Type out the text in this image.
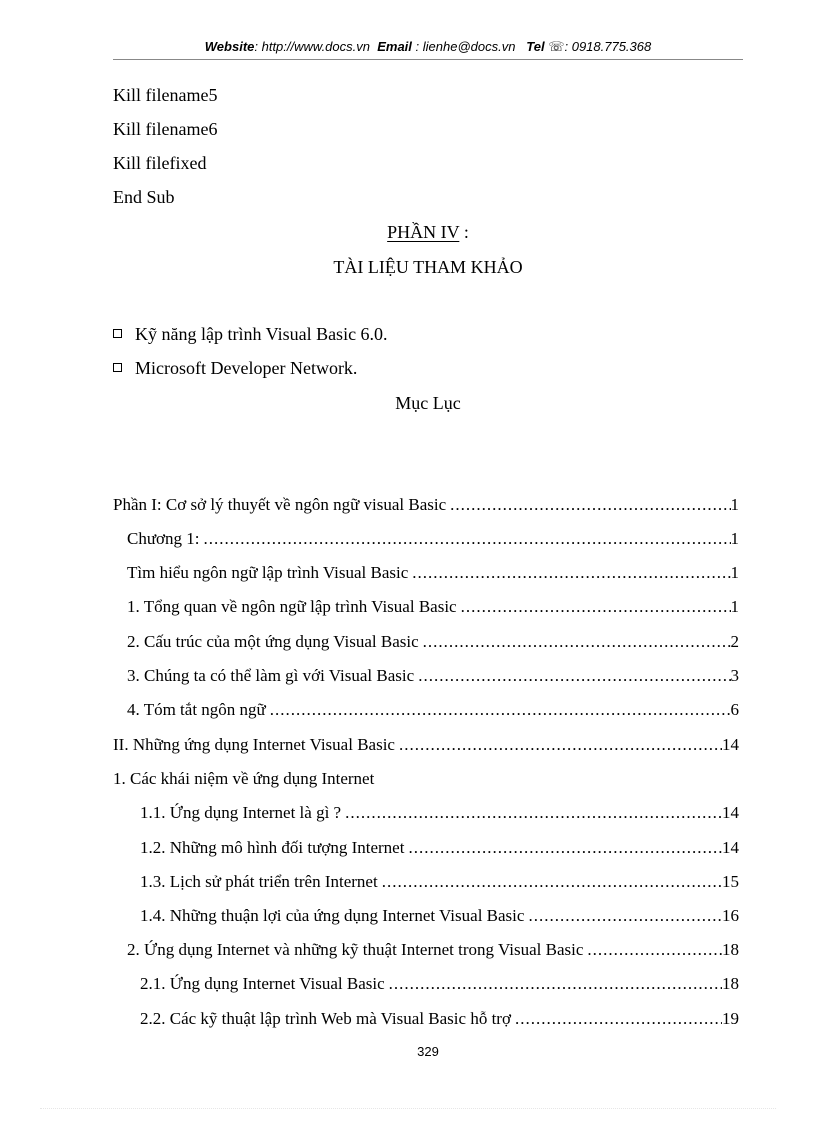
Website: http://www.docs.vn Email : lienhe@docs.vn Tel ☏: 0918.775.368
Kill filename5
Kill filename6
Kill filefixed
End Sub
PHẦN IV :
TÀI LIỆU THAM KHẢO
Kỹ năng lập trình Visual Basic 6.0.
Microsoft Developer Network.
Mục Lục
Phần I: Cơ sở lý thuyết về ngôn ngữ visual Basic .....	1
Chương 1: .....	1
Tìm hiểu ngôn ngữ lập trình Visual Basic .....	1
1. Tổng quan về ngôn ngữ lập trình Visual Basic .....	1
2. Cấu trúc của một ứng dụng Visual Basic .....	2
3. Chúng ta có thể làm gì với Visual Basic .....	3
4. Tóm tắt ngôn ngữ .....	6
II. Những ứng dụng Internet Visual Basic .....	14
1. Các khái niệm về ứng dụng Internet
1.1. Ứng dụng Internet là gì ? .....	14
1.2. Những mô hình đối tượng Internet .....	14
1.3. Lịch sử phát triển trên Internet .....	15
1.4. Những thuận lợi của ứng dụng Internet Visual Basic .....	16
2. Ứng dụng Internet và những kỹ thuật Internet trong Visual Basic .....	18
2.1. Ứng dụng Internet Visual Basic .....	18
2.2. Các kỹ thuật lập trình Web mà Visual Basic hỗ trợ .....	19
329
